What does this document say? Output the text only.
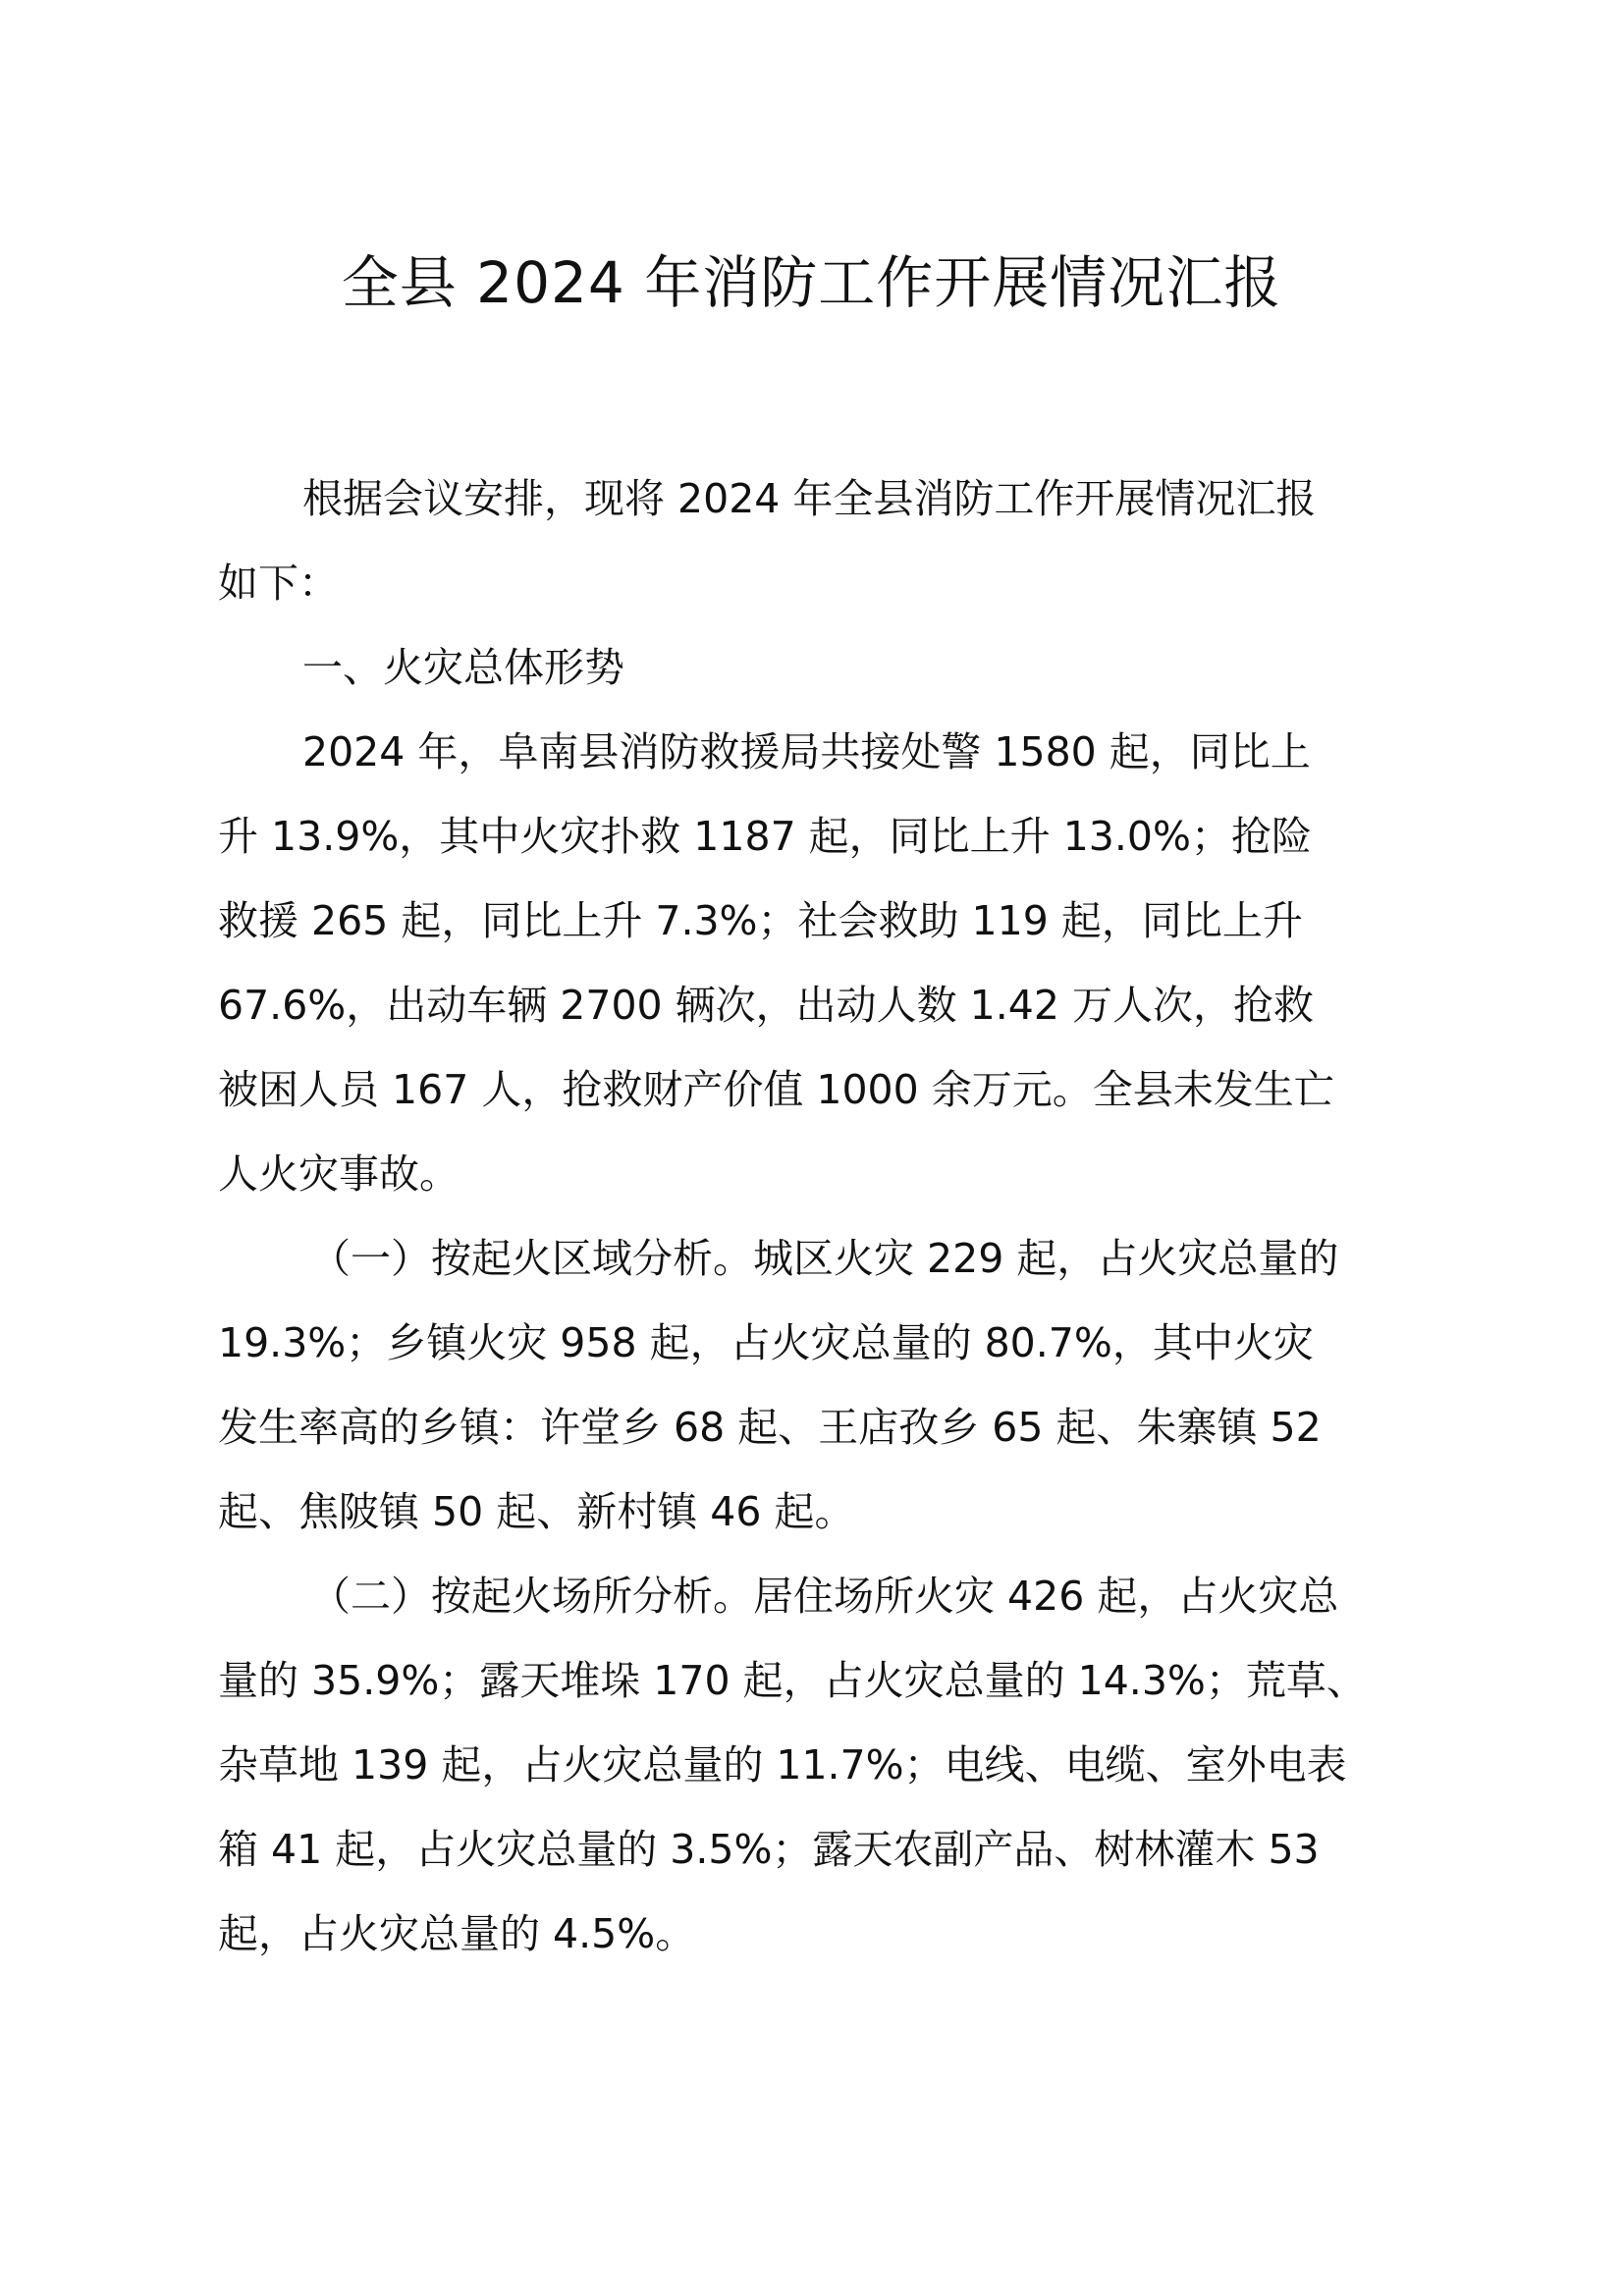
全县 2024 年消防工作开展情况汇报
根据会议安排，现将 2024 年全县消防工作开展情况汇报
如下：
一、火灾总体形势
2024 年，阜南县消防救援局共接处警 1580 起，同比上
升 13.9%，其中火灾扑救 1187 起，同比上升 13.0%；抢险
救援 265 起，同比上升 7.3%；社会救助 119 起，同比上升
67.6%，出动车辆 2700 辆次，出动人数 1.42 万人次，抢救
被困人员 167 人，抢救财产价值 1000 余万元。全县未发生亡
人火灾事故。
（一）按起火区域分析。城区火灾 229 起，占火灾总量的
19.3%；乡镇火灾 958 起，占火灾总量的 80.7%，其中火灾
发生率高的乡镇：许堂乡 68 起、王店孜乡 65 起、朱寨镇 52
起、焦陂镇 50 起、新村镇 46 起。
（二）按起火场所分析。居住场所火灾 426 起，占火灾总
量的 35.9%；露天堆垛 170 起，占火灾总量的 14.3%；荒草、
杂草地 139 起，占火灾总量的 11.7%；电线、电缆、室外电表
箱 41 起，占火灾总量的 3.5%；露天农副产品、树林灌木 53
起，占火灾总量的 4.5%。
